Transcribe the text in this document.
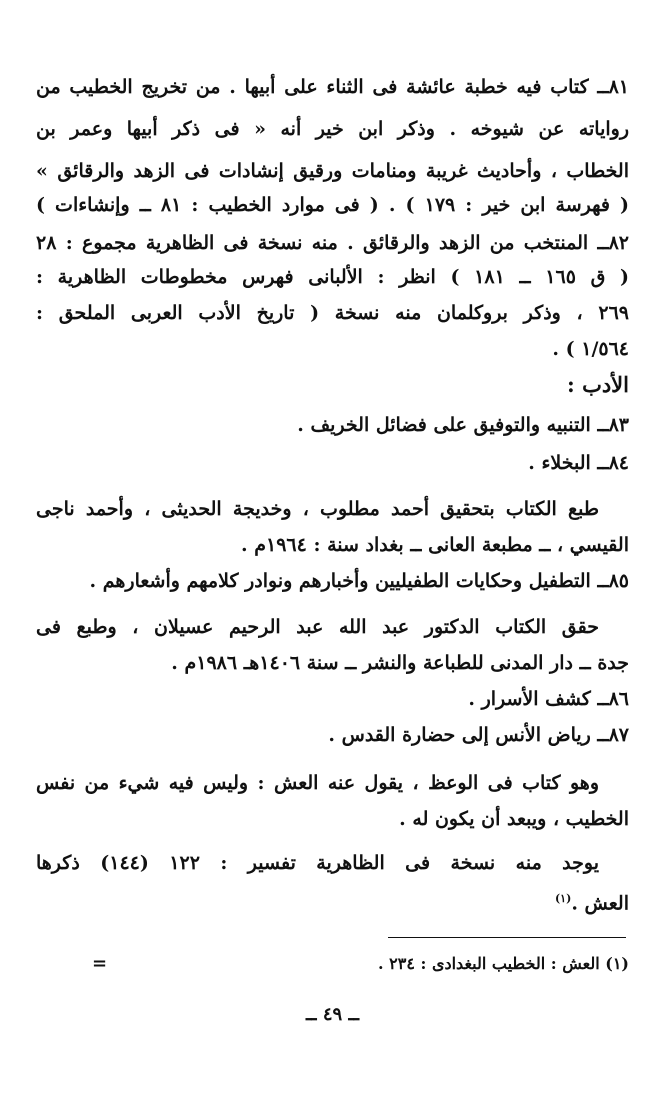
٨١ــ كتاب فيه خطبة عائشة فى الثناء على أبيها . من تخريج الخطيب من
رواياته عن شيوخه . وذكر ابن خير أنه « فى ذكر أبيها وعمر بن
الخطاب ، وأحاديث غريبة ومنامات ورقيق إنشادات فى الزهد والرقائق »
( فهرسة ابن خير : ١٧٩ ) . ( فى موارد الخطيب : ٨١ ــ وإنشاءات )
٨٢ــ المنتخب من الزهد والرقائق . منه نسخة فى الظاهرية مجموع : ٢٨
( ق ١٦٥ ــ ١٨١ ) انظر : الألبانى فهرس مخطوطات الظاهرية :
٢٦٩ ، وذكر بروكلمان منه نسخة ( تاريخ الأدب العربى الملحق :
١/٥٦٤ ) .
الأدب :
٨٣ــ التنبيه والتوفيق على فضائل الخريف .
٨٤ــ البخلاء .
طبع الكتاب بتحقيق أحمد مطلوب ، وخديجة الحديثى ، وأحمد ناجى
القيسي ، ــ مطبعة العانى ــ بغداد سنة : ١٩٦٤م .
٨٥ــ التطفيل وحكايات الطفيليين وأخبارهم ونوادر كلامهم وأشعارهم .
حقق الكتاب الدكتور عبد الله عبد الرحيم عسيلان ، وطبع فى
جدة ــ دار المدنى للطباعة والنشر ــ سنة ١٤٠٦هـ ١٩٨٦م .
٨٦ــ كشف الأسرار .
٨٧ــ رياض الأنس إلى حضارة القدس .
وهو كتاب فى الوعظ ، يقول عنه العش : وليس فيه شيء من نفس
الخطيب ، ويبعد أن يكون له .
يوجد منه نسخة فى الظاهرية تفسير : ١٢٢ (١٤٤) ذكرها
العش .$^{(١)}$
(١) العش : الخطيب البغدادى : ٢٣٤ .
=
ــ ٤٩ ــ
